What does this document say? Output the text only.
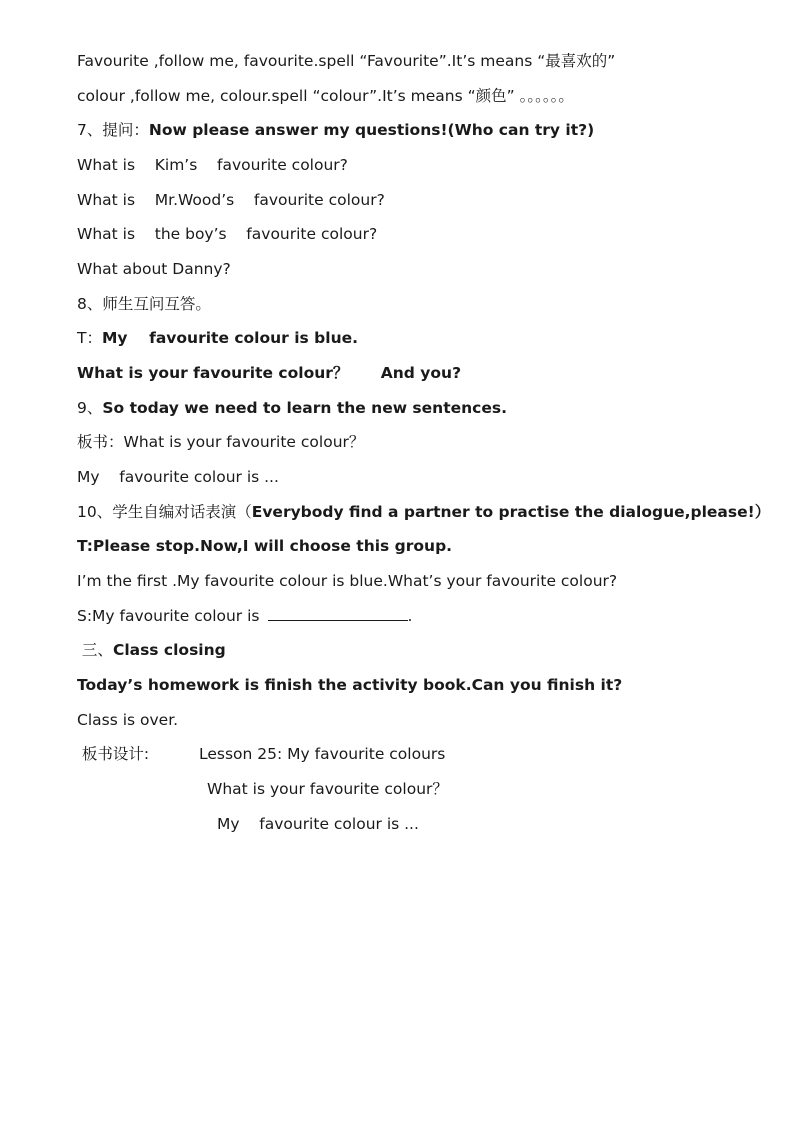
Favourite ,follow me, favourite.spell “Favourite”.It’s means “最喜欢的”
colour ,follow me, colour.spell “colour”.It’s means “颜色” 。。。。。。
7、提问：Now please answer my questions!(Who can try it?)
What is    Kim’s    favourite colour?
What is    Mr.Wood’s    favourite colour?
What is    the boy’s    favourite colour?
What about Danny?
8、师生互问互答。
T：My    favourite colour is blue.
What is your favourite colour？      And you?
9、So today we need to learn the new sentences.
板书：What is your favourite colour？
My    favourite colour is ...
10、学生自编对话表演（Everybody find a partner to practise the dialogue,please!）
T:Please stop.Now,I will choose this group.
I’m the first .My favourite colour is blue.What’s your favourite colour?
S:My favourite colour is	.
三、Class closing
Today’s homework is finish the activity book.Can you finish it?
Class is over.
板书设计:	Lesson 25: My favourite colours
What is your favourite colour？
My    favourite colour is ...
